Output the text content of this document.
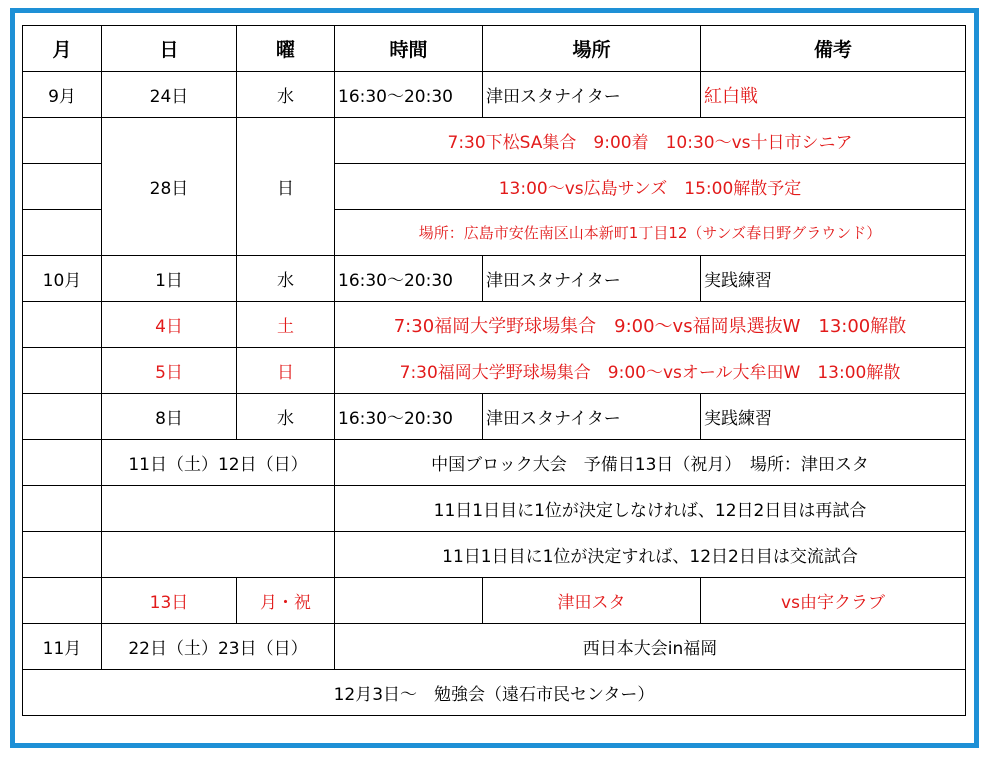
月	日	曜	時間	場所	備考
9月	24日	水	16:30〜20:30	津田スタナイター	紅白戦
	28日	日	7:30下松SA集合　9:00着　10:30〜vs十日市シニア		
			13:00〜vs広島サンズ　15:00解散予定		
			場所：広島市安佐南区山本新町1丁目12（サンズ春日野グラウンド）		
10月	1日	水	16:30〜20:30	津田スタナイター	実践練習
	4日	土	7:30福岡大学野球場集合　9:00〜vs福岡県選抜W　13:00解散		
	5日	日	7:30福岡大学野球場集合　9:00〜vsオール大牟田W　13:00解散		
	8日	水	16:30〜20:30	津田スタナイター	実践練習
	11日（土）12日（日）		中国ブロック大会　予備日13日（祝月）　場所：津田スタ		
			11日1日目に1位が決定しなければ、12日2日目は再試合		
			11日1日目に1位が決定すれば、12日2日目は交流試合		
	13日	月・祝		津田スタ	vs由宇クラブ
11月	22日（土）23日（日）		西日本大会in福岡		
12月3日〜　勉強会（遠石市民センター）					
